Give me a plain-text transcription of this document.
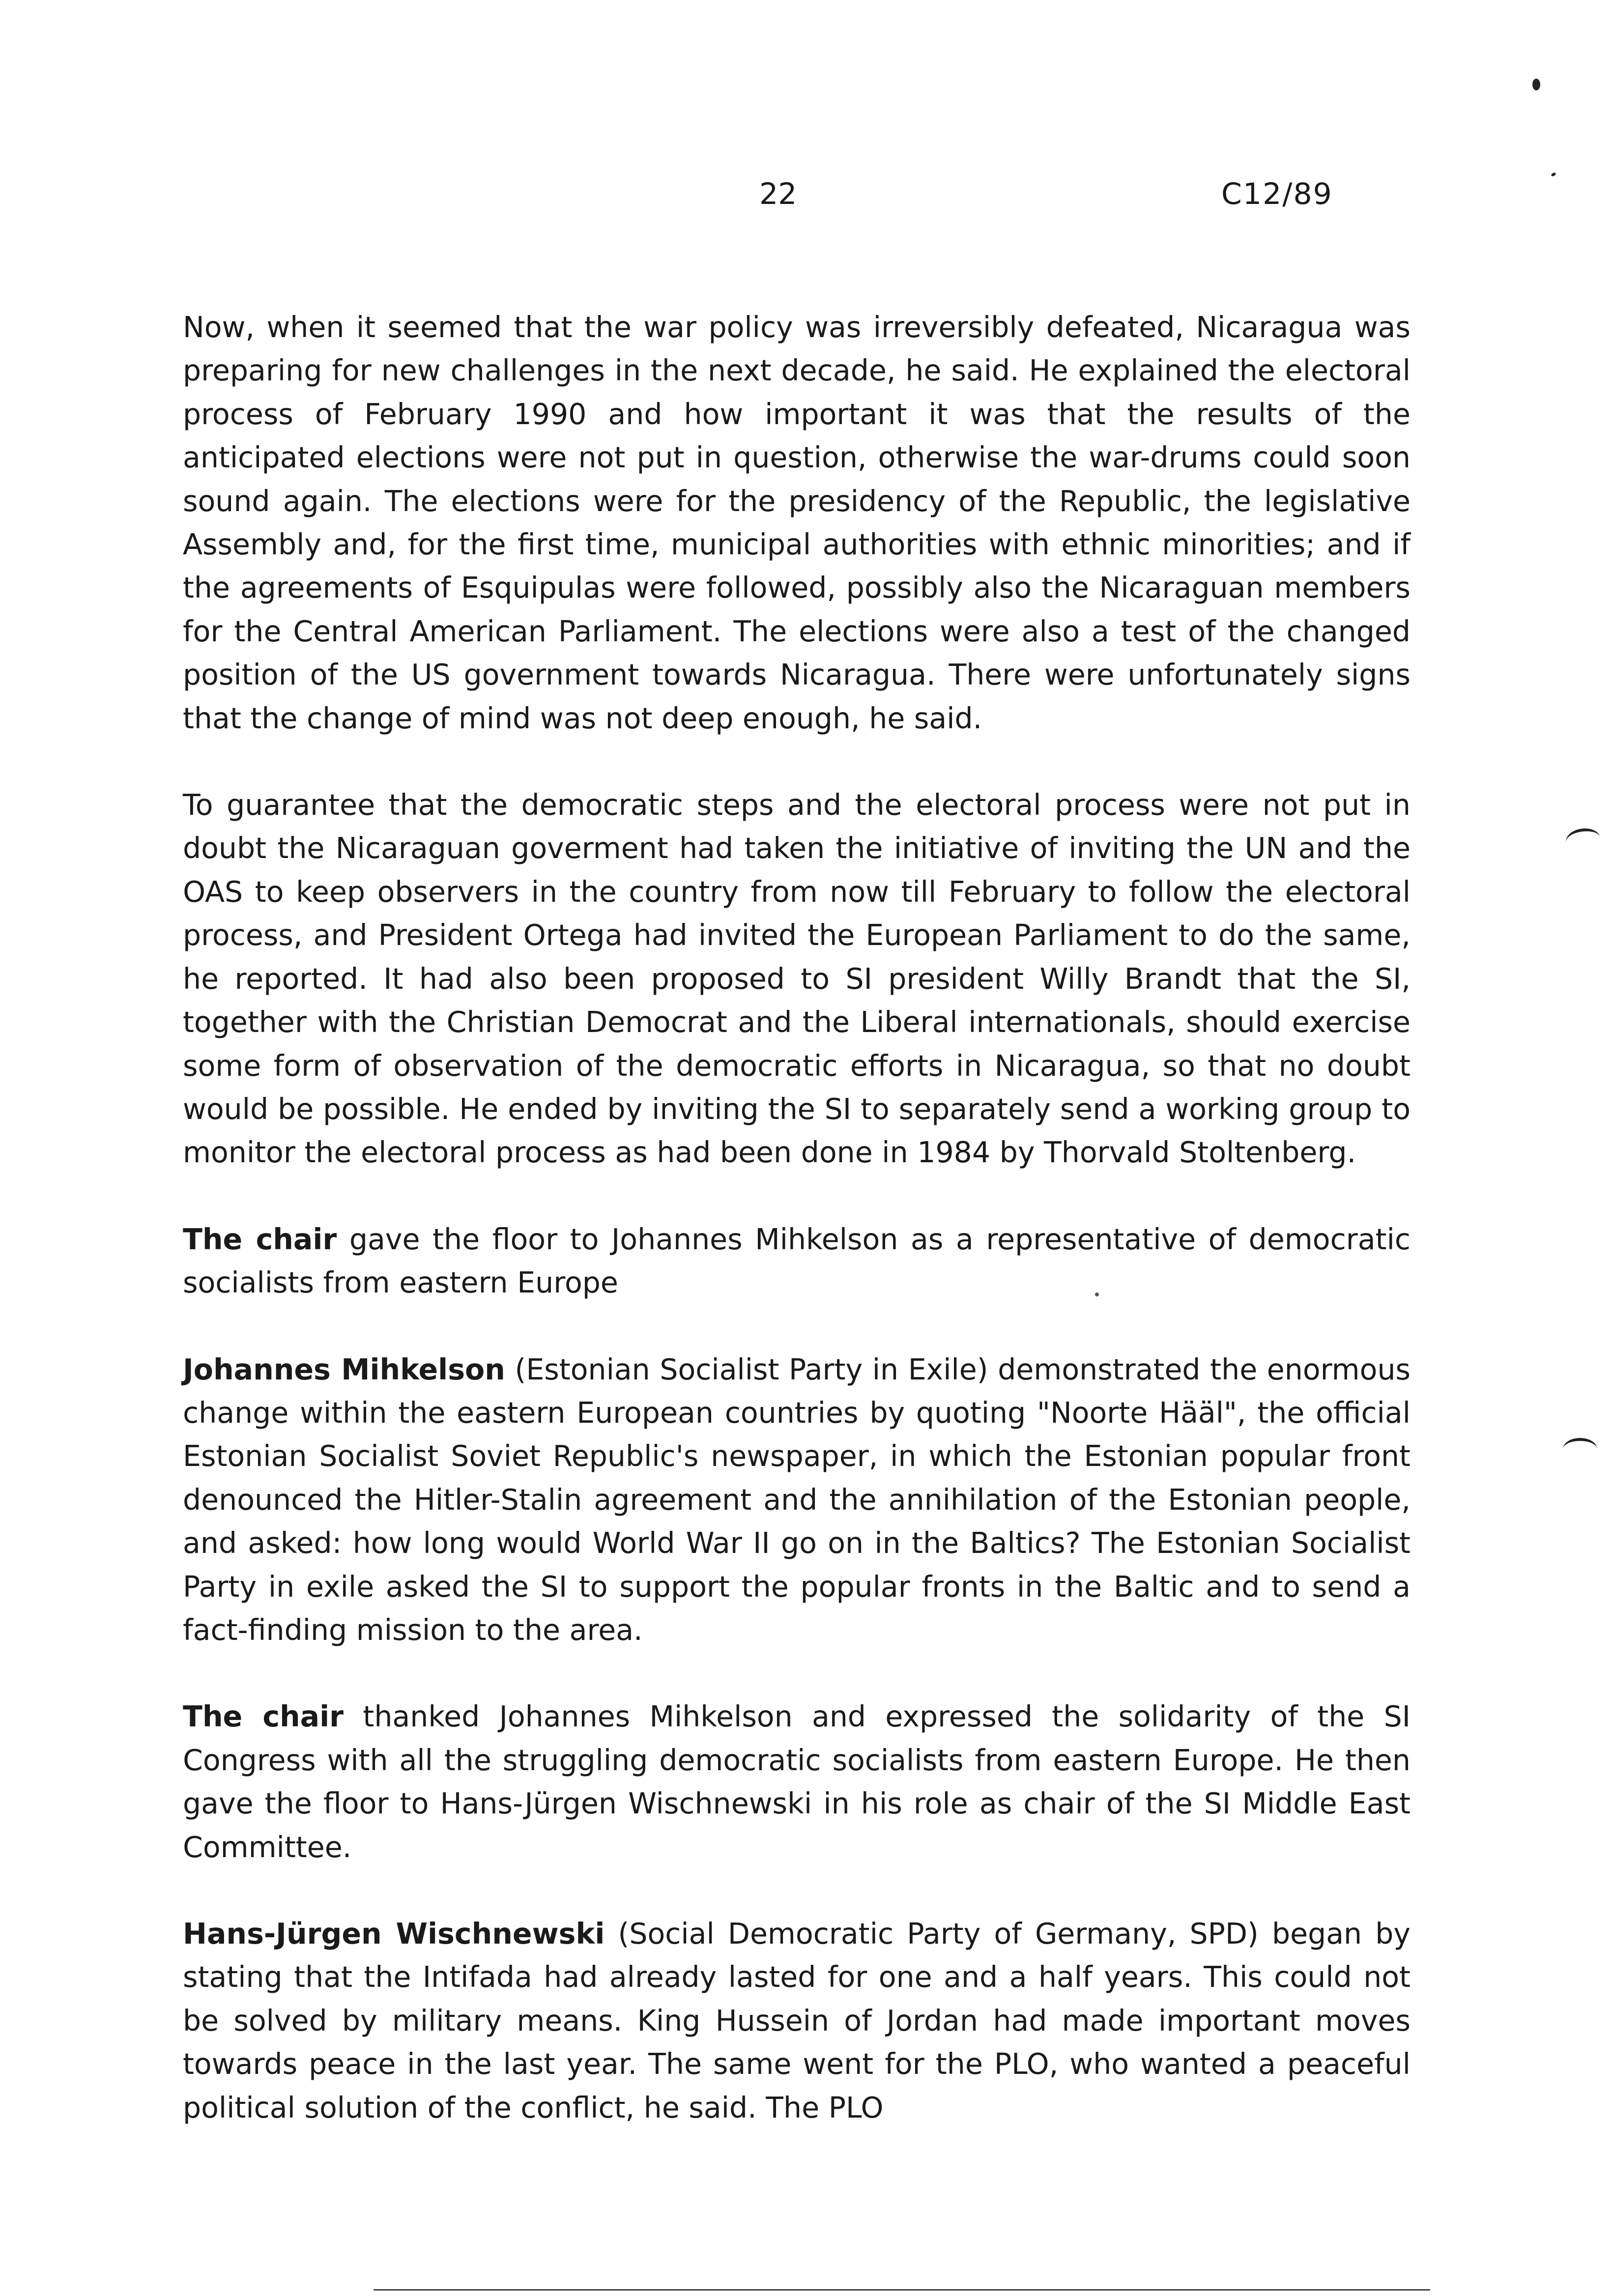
22	C12/89

Now, when it seemed that the war policy was irreversibly defeated, Nicaragua was preparing for new challenges in the next decade, he said. He explained the electoral process of February 1990 and how important it was that the results of the anticipated elections were not put in question, otherwise the war-drums could soon sound again. The elections were for the presidency of the Republic, the legislative Assembly and, for the first time, municipal authorities with ethnic minorities; and if the agreements of Esquipulas were followed, possibly also the Nicaraguan members for the Central American Parliament. The elections were also a test of the changed position of the US government towards Nicaragua. There were unfortunately signs that the change of mind was not deep enough, he said.

To guarantee that the democratic steps and the electoral process were not put in doubt the Nicaraguan goverment had taken the initiative of inviting the UN and the OAS to keep observers in the country from now till February to follow the electoral process, and President Ortega had invited the European Parliament to do the same, he reported. It had also been proposed to SI president Willy Brandt that the SI, together with the Christian Democrat and the Liberal internationals, should exercise some form of observation of the democratic efforts in Nicaragua, so that no doubt would be possible. He ended by inviting the SI to separately send a working group to monitor the electoral process as had been done in 1984 by Thorvald Stoltenberg.

The chair gave the floor to Johannes Mihkelson as a representative of democratic socialists from eastern Europe

Johannes Mihkelson (Estonian Socialist Party in Exile) demonstrated the enormous change within the eastern European countries by quoting "Noorte Hääl", the official Estonian Socialist Soviet Republic's newspaper, in which the Estonian popular front denounced the Hitler-Stalin agreement and the annihilation of the Estonian people, and asked: how long would World War II go on in the Baltics? The Estonian Socialist Party in exile asked the SI to support the popular fronts in the Baltic and to send a fact-finding mission to the area.

The chair thanked Johannes Mihkelson and expressed the solidarity of the SI Congress with all the struggling democratic socialists from eastern Europe. He then gave the floor to Hans-Jürgen Wischnewski in his role as chair of the SI Middle East Committee.

Hans-Jürgen Wischnewski (Social Democratic Party of Germany, SPD) began by stating that the Intifada had already lasted for one and a half years. This could not be solved by military means. King Hussein of Jordan had made important moves towards peace in the last year. The same went for the PLO, who wanted a peaceful political solution of the conflict, he said. The PLO
